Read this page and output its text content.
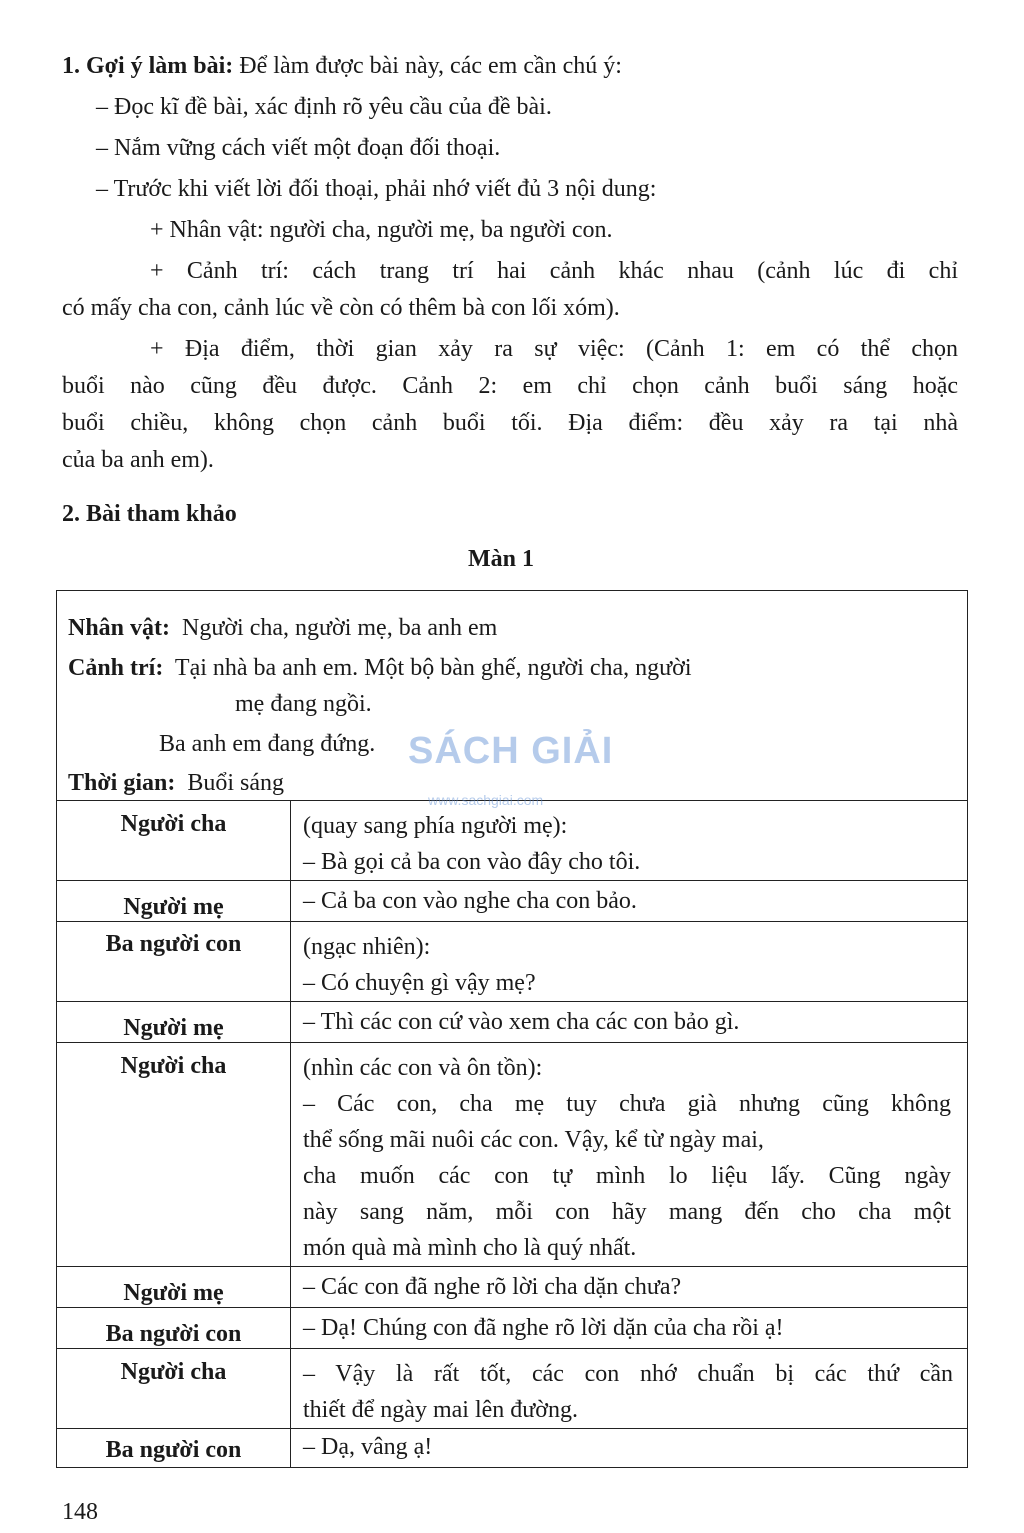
1. Gợi ý làm bài: Để làm được bài này, các em cần chú ý:
– Đọc kĩ đề bài, xác định rõ yêu cầu của đề bài.
– Nắm vững cách viết một đoạn đối thoại.
– Trước khi viết lời đối thoại, phải nhớ viết đủ 3 nội dung:
+ Nhân vật: người cha, người mẹ, ba người con.
+ Cảnh trí: cách trang trí hai cảnh khác nhau (cảnh lúc đi chỉ
có mấy cha con, cảnh lúc về còn có thêm bà con lối xóm).
+ Địa điểm, thời gian xảy ra sự việc: (Cảnh 1: em có thể chọn
buổi nào cũng đều được. Cảnh 2: em chỉ chọn cảnh buổi sáng hoặc
buổi chiều, không chọn cảnh buổi tối. Địa điểm: đều xảy ra tại nhà
của ba anh em).
2. Bài tham khảo
Màn 1
Nhân vật: Người cha, người mẹ, ba anh em
Cảnh trí: Tại nhà ba anh em. Một bộ bàn ghế, người cha, người
mẹ đang ngồi.
Ba anh em đang đứng.
Thời gian: Buổi sáng
Người cha	(quay sang phía người mẹ):
– Bà gọi cả ba con vào đây cho tôi.
Người mẹ	– Cả ba con vào nghe cha con bảo.
Ba người con	(ngạc nhiên):
– Có chuyện gì vậy mẹ?
Người mẹ	– Thì các con cứ vào xem cha các con bảo gì.
Người cha	(nhìn các con và ôn tồn):
– Các con, cha mẹ tuy chưa già nhưng cũng không
thể sống mãi nuôi các con. Vậy, kể từ ngày mai,
cha muốn các con tự mình lo liệu lấy. Cũng ngày
này sang năm, mỗi con hãy mang đến cho cha một
món quà mà mình cho là quý nhất.
Người mẹ	– Các con đã nghe rõ lời cha dặn chưa?
Ba người con	– Dạ! Chúng con đã nghe rõ lời dặn của cha rồi ạ!
Người cha	– Vậy là rất tốt, các con nhớ chuẩn bị các thứ cần
thiết để ngày mai lên đường.
Ba người con	– Dạ, vâng ạ!
SÁCH GIẢI
www.sachgiai.com
148
